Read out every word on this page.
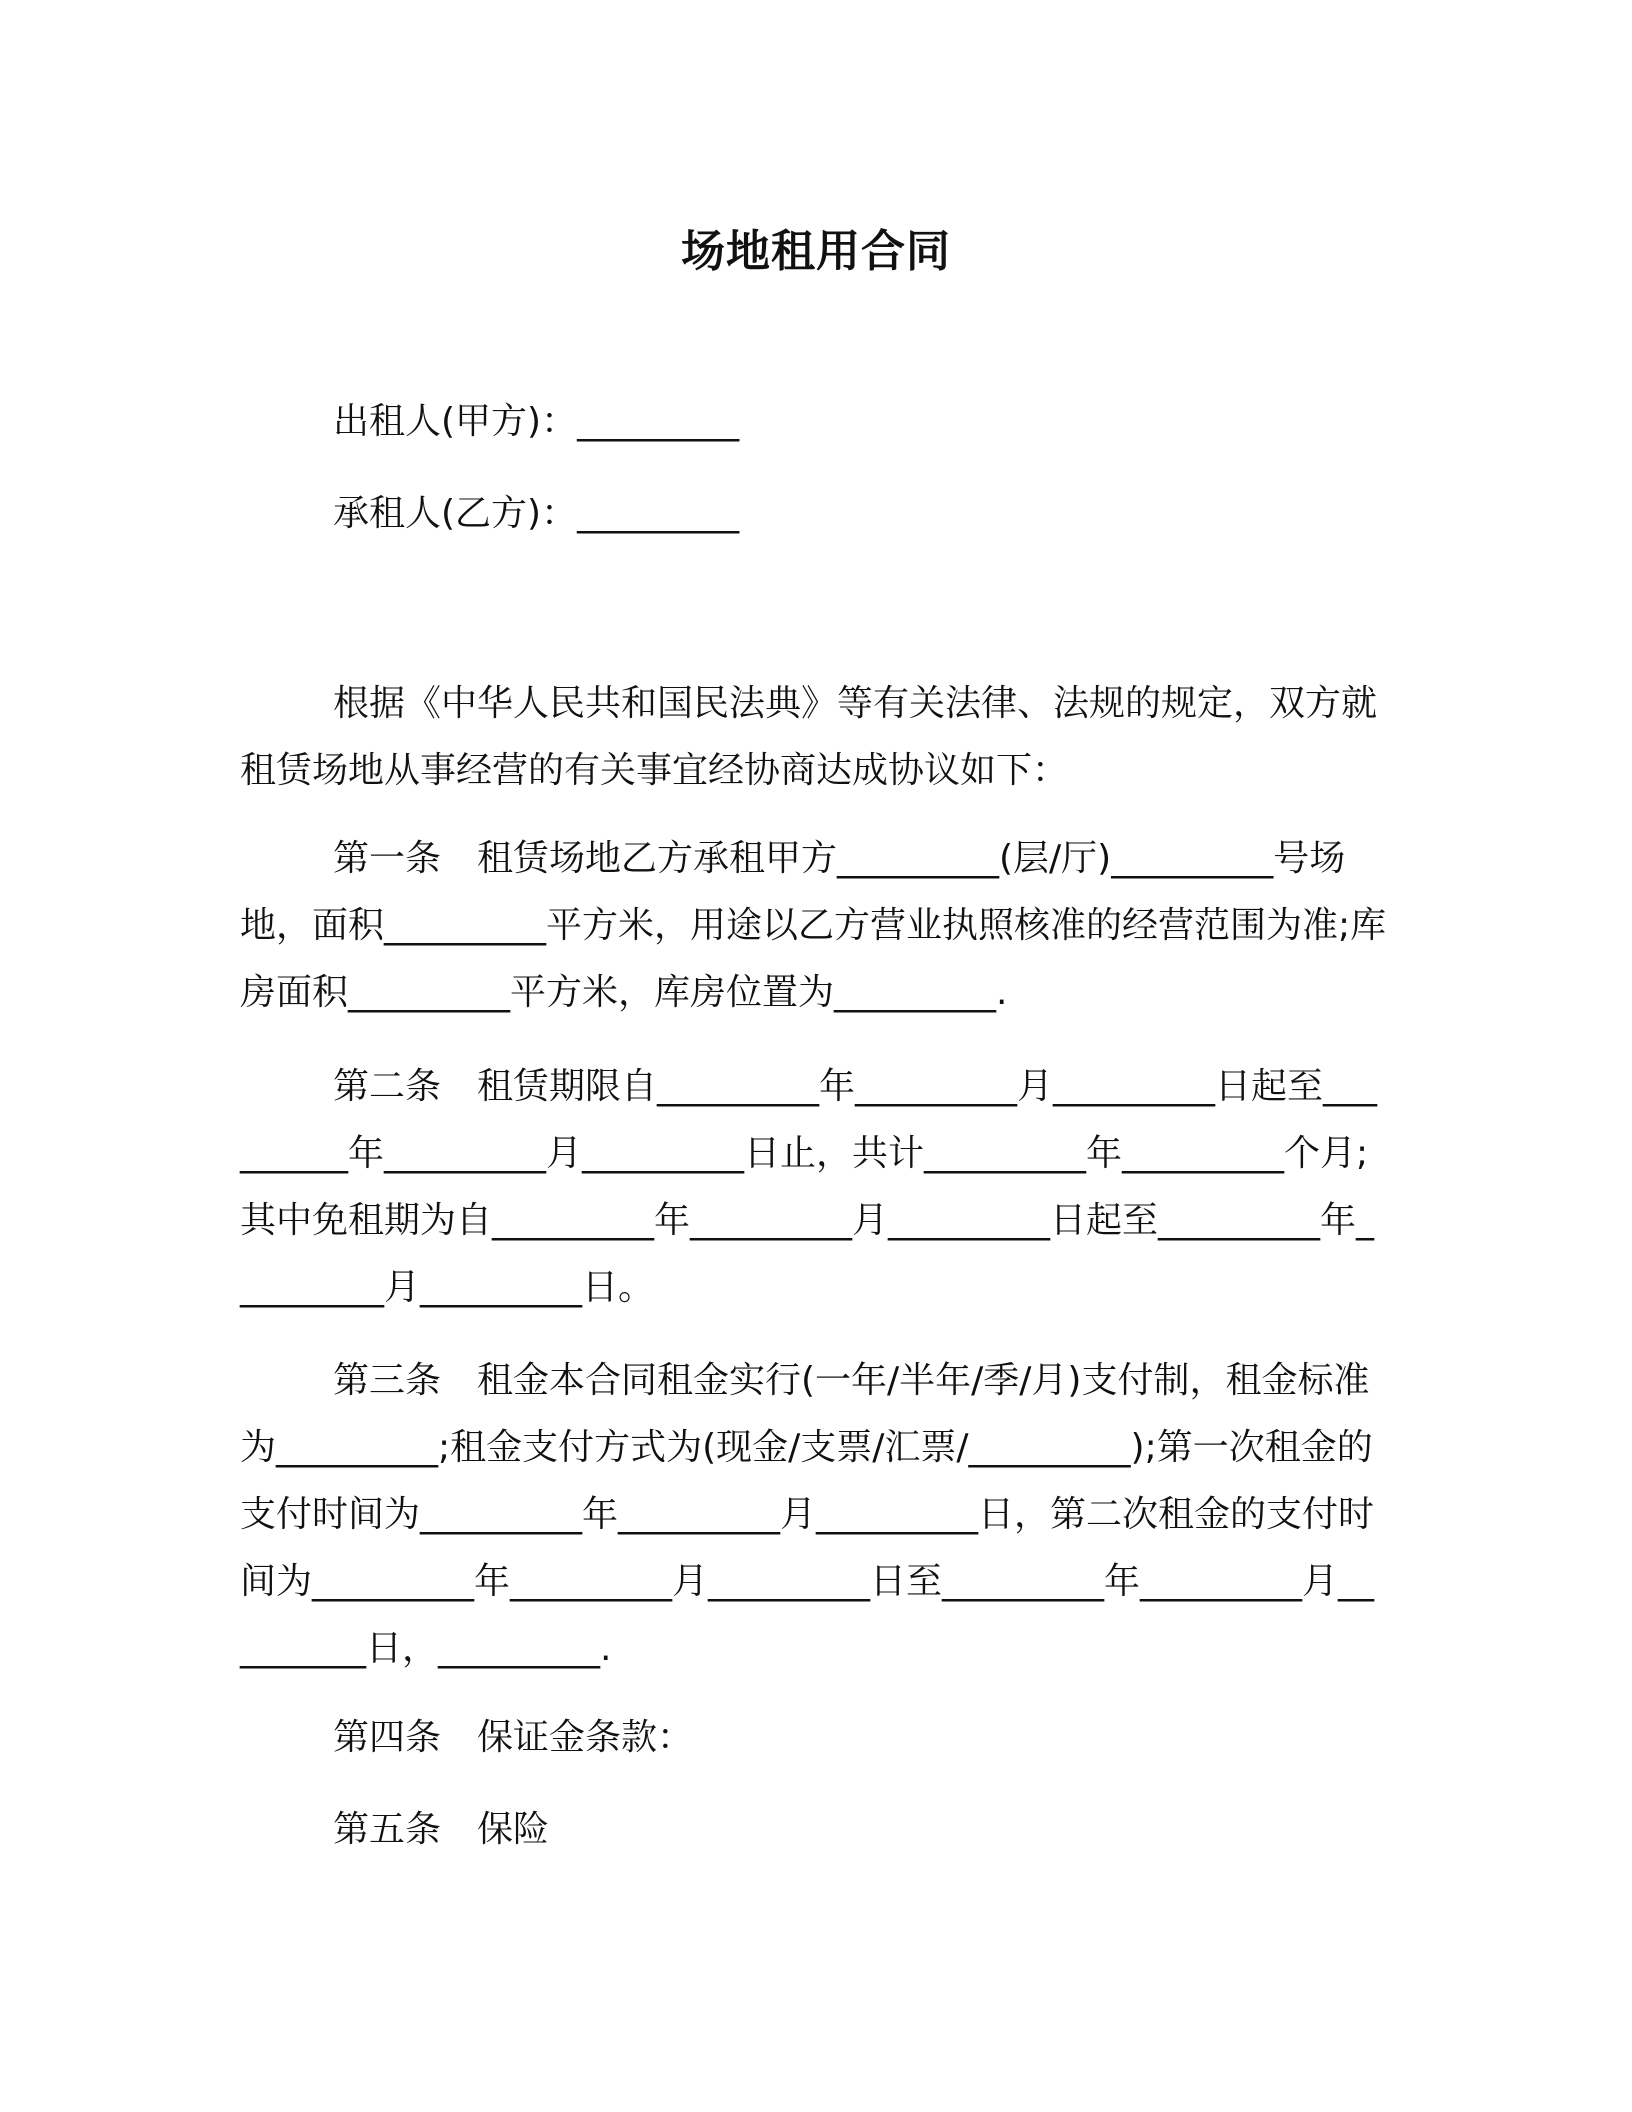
场地租用合同
出租人(甲方)：_________
承租人(乙方)：_________

根据《中华人民共和国民法典》等有关法律、法规的规定，双方就租赁场地从事经营的有关事宜经协商达成协议如下：

第一条　租赁场地乙方承租甲方_________(层/厅)_________号场地，面积_________平方米，用途以乙方营业执照核准的经营范围为准;库房面积_________平方米，库房位置为_________.

第二条　租赁期限自_________年_________月_________日起至_________年_________月_________日止，共计_________年_________个月;其中免租期为自_________年_________月_________日起至_________年_________月_________日。

第三条　租金本合同租金实行(一年/半年/季/月)支付制，租金标准为_________;租金支付方式为(现金/支票/汇票/_________);第一次租金的支付时间为_________年_________月_________日，第二次租金的支付时间为_________年_________月_________日至_________年_________月_________日，_________.

第四条　保证金条款：
第五条　保险
